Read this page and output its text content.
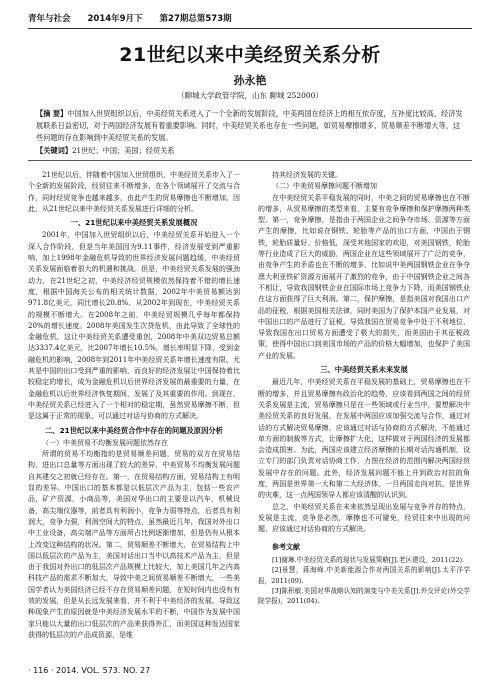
青年与社会 2014年9月下 第27期总第573期
21世纪以来中美经贸关系分析
孙永艳
（聊城大学政管学院，山东 聊城 252000）
【摘 要】中国加入世贸组织以后，中美经贸关系进入了一个全新的发展阶段，中美两国在经济上的相互依存度，互补度比较高，经济发展联系日益密切，对于两国经济发展有着重要影响。同时，中美经贸关系也存在一些问题，如贸易摩擦增多、贸易顺差不断增大等，这些问题的存在影响到中美经贸关系的发展。
【关键词】21世纪；中国；美国；经贸关系

21世纪以后，伴随着中国加入世贸组织，中美经贸关系步入了一个全新的发展阶段，经贸往来不断增多，在各个领域展开了交流与合作，同时经贸竞争也越来越多，由此产生的贸易摩擦也不断增加。因此，从21世纪以来中美经贸关系发展进行详细的分析。

一、21世纪以来中美经贸关系发展概况

2001年，中国加入世贸组织以后，中美经贸关系开始进入一个深入合作阶段，但是当年美国因为9.11事件，经济发展受到严重影响，加上1998年金融危机导致的世界经济发展问题趋缓，中美经贸关系发展面临着很大的机遇和挑战。但是，中美经贸关系发展的强劲动力，在21世纪之初，中美经济经贸规模依然保持着不错的增长速度，根据中国海关公布的相关统计数据，2002年中美贸易额达到971.8亿美元，同比增长20.8%。从2002年到现在，中美经贸关系的规模不断增大。在2008年之前，中美经贸规模几乎每年都保持20%的增长速度。2008年美国发生次贷危机，由此导致了全球性的金融危机，这让中美经贸关系遭受重创，2008年中美双边贸易总额达3337.4亿美元，比2007年增长10.5%，增长率明显下降，受到金融危机的影响，2008年到2011年中美经贸关系年增长速度有限。尤其是中国的出口受到严重的影响，而良好的经济发展让中国保持着比较稳定的增长，成为金融危机以后世界经济发展的最重要的力量，在金融危机以后世界经济恢复期间，发展了及其重要的作用。到现在，中美经贸关系已经进入了一个相对的稳定期，虽然贸易摩擦不断，但是这属于正常的现象，可以通过对话与协商的方式解决。

二、21世纪以来中美经贸合作中存在的问题及原因分析

（一）中美贸易不均衡发展问题依然存在

所谓的贸易不均衡指的是贸易顺差问题，贸易的双方在贸易结构，进出口总量等方面出现了较大的差异，中美贸易不均衡发展问题自其建交之初就已经存在。第一，在贸易结构方面，贸易结构上有明显的差异。中国出口的基本都是以低层次产品为主，包括一些农产品，矿产资源，小商品等，美国对华出口的主要是以汽车，机械设备，高尖端仪器等，前者具有利润小，竞争力弱等特点，后者具有利润大，竞争力强，利润空间大的特点，虽然最近几年，我国对外出口中工业设备，高尖端产品等方面所占比例逐渐增加，但是仍有从根本上改变这种结构的状况。第二，贸易顺差不断增大，在贸易结构上中国以低层次的产品为主，美国对话出口当中以高技术产品为主，但是由于我国对外出口的低层次产品规模上比较大，加上美国几年之内高科技产品的需求不断加大，导致中美之间贸易顺差不断增大，一些美国学者认为美国经济已经不存在贸易顺差问题，在短时间内也没有有效的发展，但是从长远发展来看，并不利于中美经济的发展。导致这种现象产生的原因就是中美经济发展水平的不断，中国作为发展中国家只能以大量的出口低层次的产品来获得外汇，而美国这种发达国家获得的低层次的产品成资源，是维

持其经济发展的关键。

（二）中美贸易摩擦问题不断增加

在中美经贸关系平稳发展的同时，中美之间的贸易摩擦也在不断的增多，从贸易摩擦的类型来看，主要有竞争摩擦和保护摩擦两种类型。第一，竞争摩擦，是指由于两国企业之间争夺市场、资源等方面产生的摩擦，比如说在钢铁、轮胎等产品的出口方面，中国由于钢铁，轮胎质量好、价格低，深受其他国家的欢迎，对美国钢铁，轮胎等行业造成了巨大的威胁，两国企业在这些领域展开了广泛的竞争，由竞争产生的矛盾也在不断的增多，比如说中美两国钢铁企业在争夺澳大利亚铁矿资源方面展开了激烈的竞争，由于中国钢铁企业之间各不相让，导致我国钢铁企业在国际市场上竞争力下降，而美国钢铁业在这方面获得了巨大利润。第二，保护摩擦，是指美国对我国出口产品的征税，根据美国相关法律，同时美国为了保护本国产业发展，对中国出口的产品进行了征税，导致我国在贸易竞争中处于不利地位，导致我国在出口贸易方面遭受了极大的损失，而美国由于其征税政策，使得中国出口到美国市场的产品的价格大幅增加，也保护了美国产业的发展。

三、中美经贸关系未来发展

最近几年，中美经贸关系在平稳发展的基础上，贸易摩擦也在不断的增多，并且贸易摩擦有政治化的趋势，应该看到两国之间的经贸关系发展是主流，贸易摩擦只是在一些领域或行业当中，要想解决中美经贸关系的良好发展，在发展中两国应该加强交流与合作，通过对话的方式解决贸易摩擦，应该通过对话与协商的方式解决，不能通过单方面的制裁等方式，让摩擦扩大化，这样做对于两国经济的发展都会造成损害。为此，两国应该建立经济摩擦的长期对话沟通机制，设立专门的部门负责对话协商工作，力图在经济的范围内解决两国经贸发展中存在的问题。此外，经济发展问题不能上升到政治对抗的角度，两国是世界第一大和第二大经济体，一旦两国走向对抗，是世界的灾难，这一点两国领导人都应该清醒的认识到。

总之，中美经贸关系在未来依然呈现出发展与竞争并存的特点，发展是主流，竞争是必然，摩擦也不可避免，经贸往来中出现的问题，应该通过对话协商的方式解决。

参考文献

[1]谢琳.中美经贸关系的现状与发展策略[J].老区建设，2011(22).

[2]景慧，蒋海峰.中美新能源合作对两国关系的影响[J].太平洋学报，2011(09).

[3]陈积敏.美国对华战略认知的演变与中美关系[J].外交评论(外交学院学报)，2011(04).

· 116 · 2014. VOL. 573. NO. 27
